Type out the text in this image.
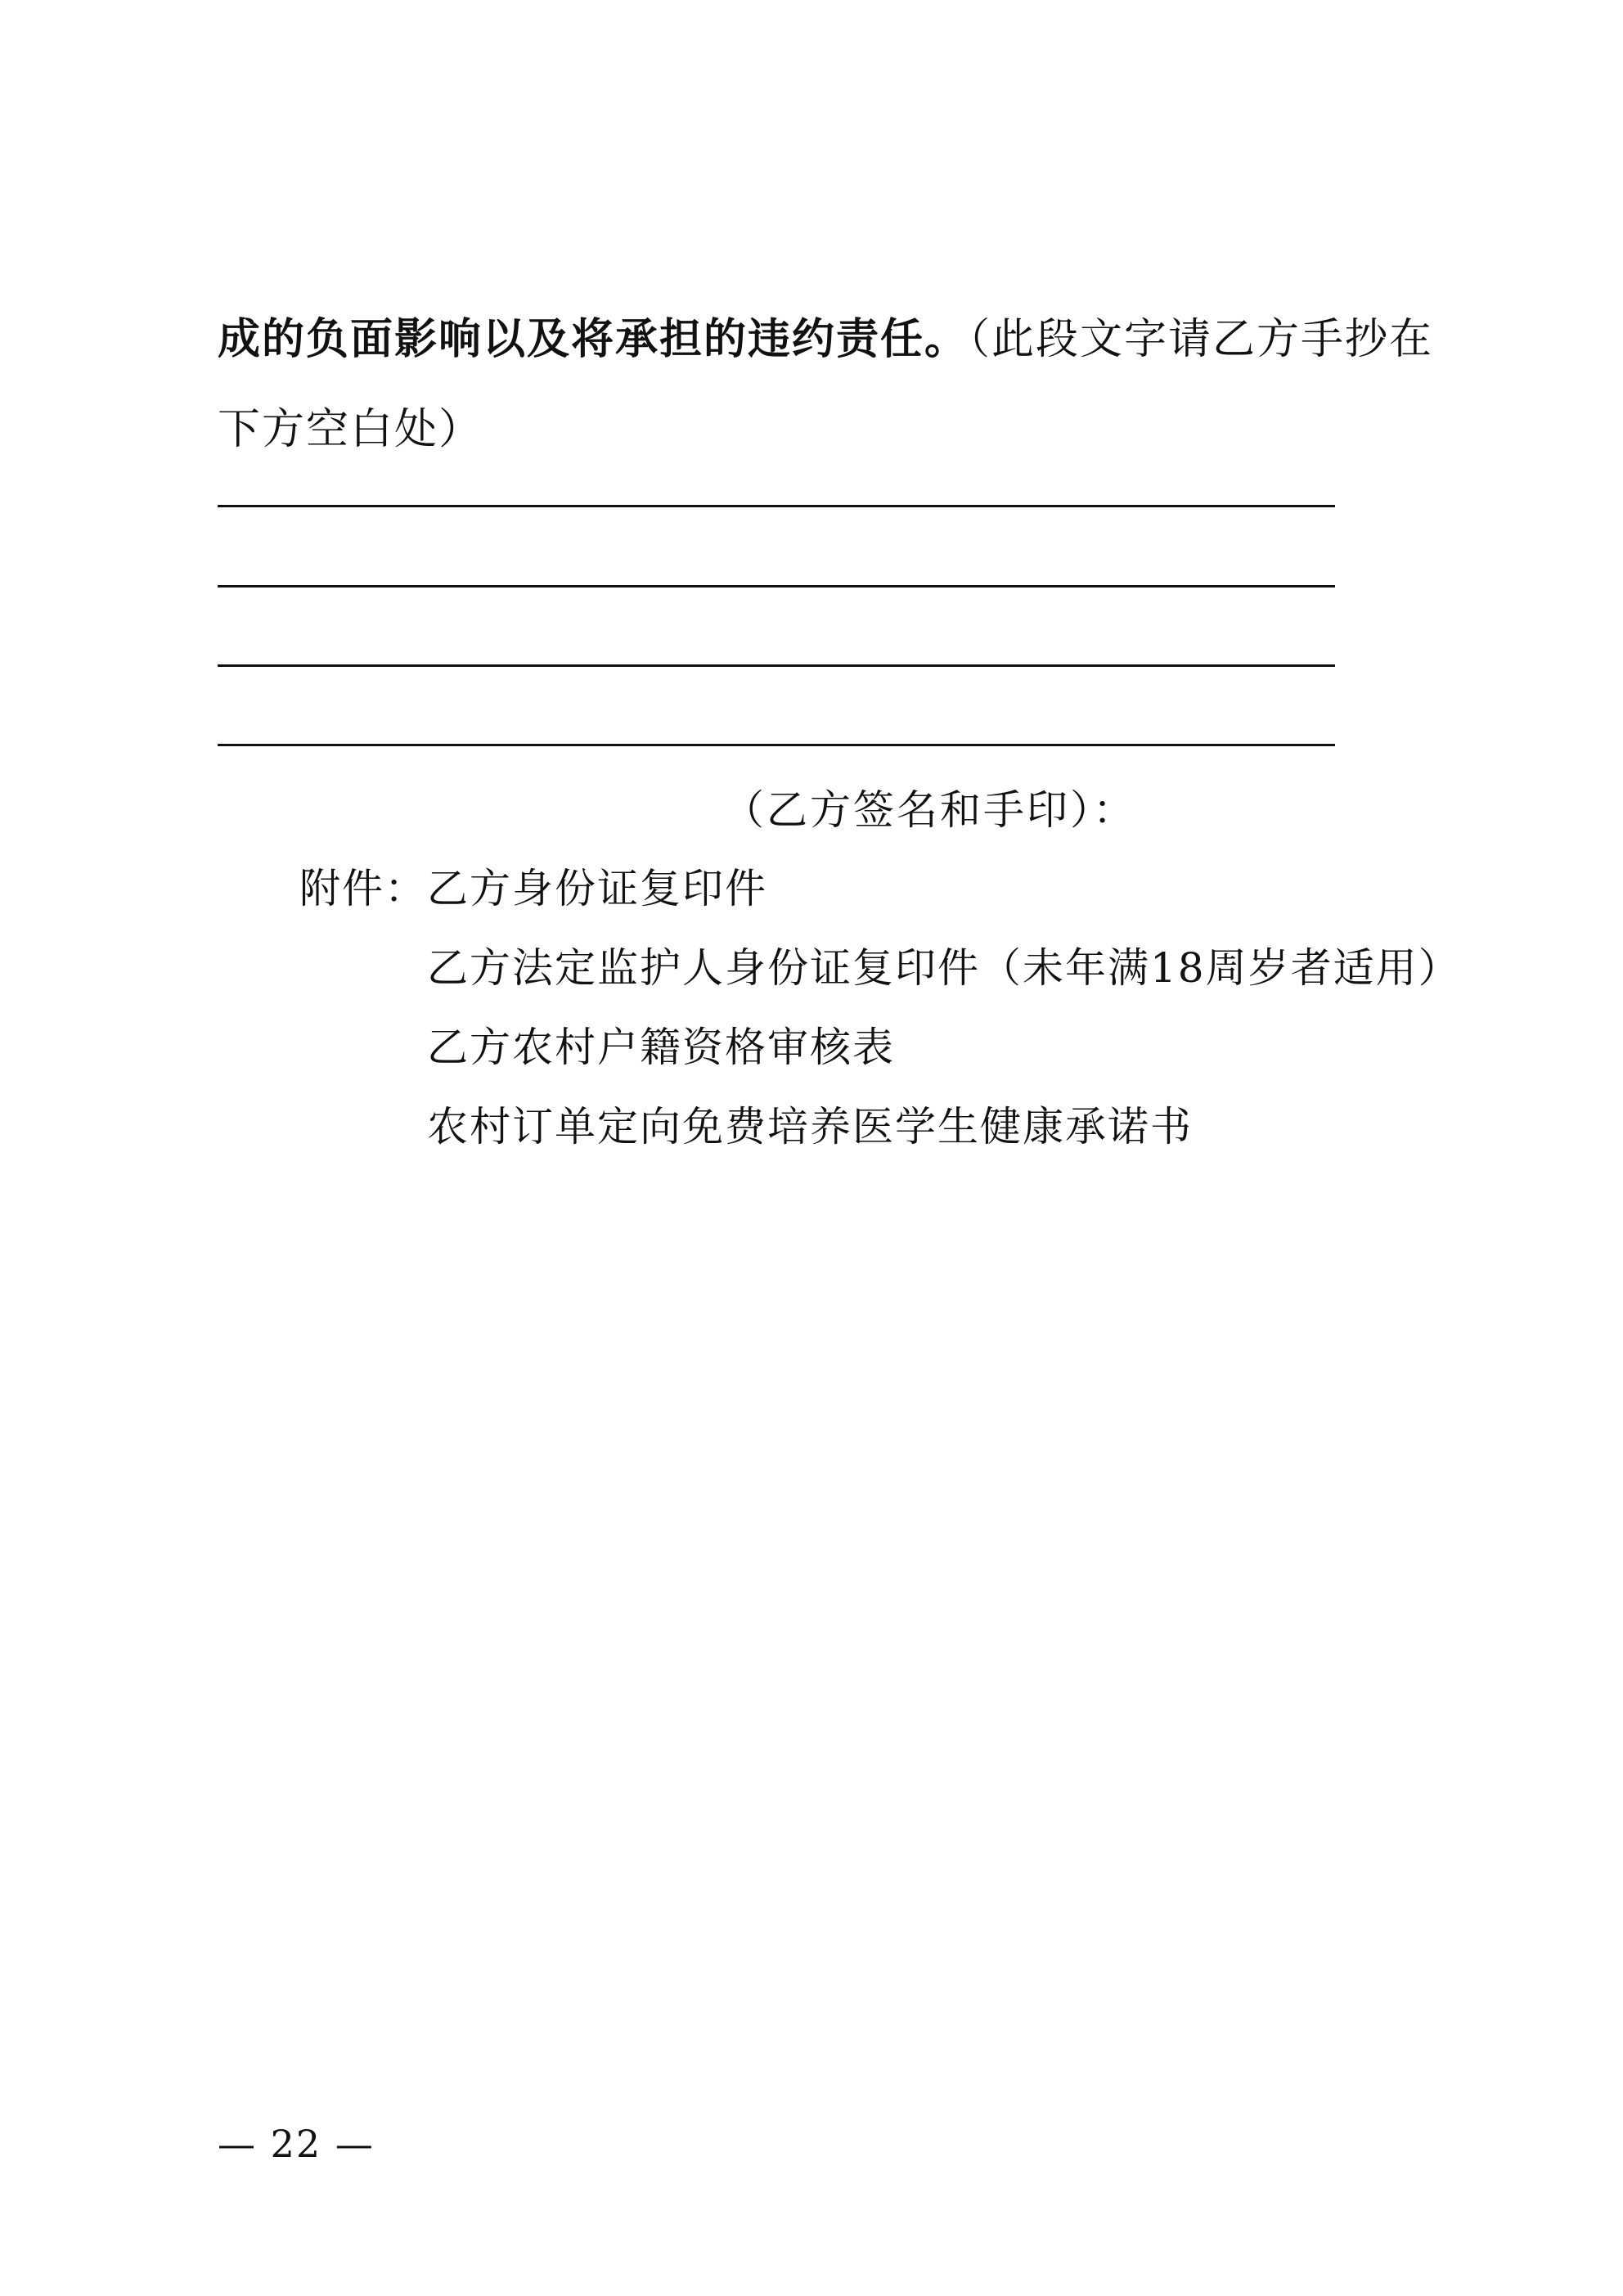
成的负面影响以及将承担的违约责任。（此段文字请乙方手抄在下方空白处）
（乙方签名和手印）：
附件： 乙方身份证复印件
乙方法定监护人身份证复印件（未年满18周岁者适用）
乙方农村户籍资格审核表
农村订单定向免费培养医学生健康承诺书
— 22 —
